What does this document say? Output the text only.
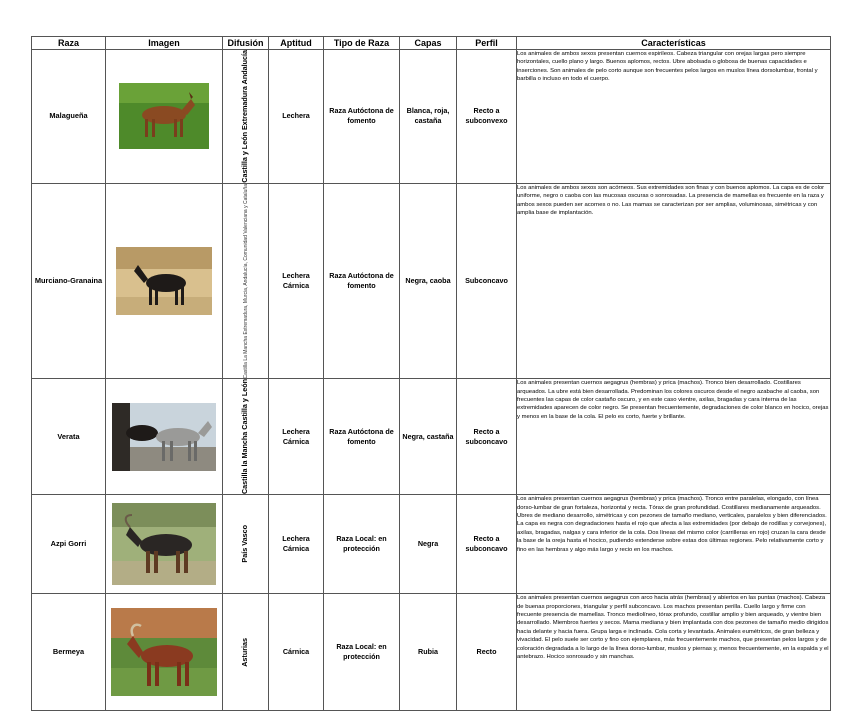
Raza	Imagen	Difusión	Aptitud	Tipo de Raza	Capas	Perfil	Características
Malagueña		Castilla y León Extremadura Andalucía	Lechera	Raza Autóctona de fomento	Blanca, roja, castaña	Recto a subconvexo	Los animales de ambos sexos presentan cuernos espirileos. Cabeza triangular con orejas largas pero siempre horizontales, cuello plano y largo. Buenos aplomos, rectos. Ubre abolsada o globosa de buenas capacidades e inserciones. Son animales de pelo corto aunque son frecuentes pelos largos en muslos línea dorsolumbar, frontal y barbilla o incluso en todo el cuerpo.
Murciano-Granaina		Castilla La Mancha Extremadura, Murcia, Andalucía, Comunidad Valenciana y Cataluña	Lechera Cárnica	Raza Autóctona de fomento	Negra, caoba	Subconcavo	Los animales de ambos sexos son acórneos. Sus extremidades son finas y con buenos aplomos. La capa es de color uniforme, negro o caoba con las mucosas oscuras o sonrosadas. La presencia de mamellas es frecuente en la raza y ambos sexos pueden ser acornes o no. Las mamas se caracterizan por ser amplias, voluminosas, simétricas y con amplia base de implantación.
Verata		Castilla la Mancha Castilla y León	Lechera Cárnica	Raza Autóctona de fomento	Negra, castaña	Recto a subconcavo	Los animales presentan cuernos aegagrus (hembras) y prica (machos). Tronco bien desarrollado. Costillares arqueados. La ubre está bien desarrollada. Predominan los colores oscuros desde el negro azabache al caoba, son frecuentes las capas de color castaño oscuro, y en este caso vientre, axilas, bragadas y cara interna de las extremidades aparecen de color negro. Se presentan frecuentemente, degradaciones de color blanco en hocico, orejas y menos en la base de la cola. El pelo es corto, fuerte y brillante.
Azpi Gorri		País Vasco	Lechera Cárnica	Raza Local: en protección	Negra	Recto a subconcavo	Los animales presentan cuernos aegagrus (hembras) y prica (machos). Tronco entre paralelas, elongado, con línea dorso-lumbar de gran fortaleza, horizontal y recta. Tórax de gran profundidad. Costillares medianamente arqueados. Ubres de mediano desarrollo, simétricas y con pezones de tamaño mediano, verticales, paralelos y bien diferenciados. La capa es negra con degradaciones hasta el rojo que afecta a las extremidades (por debajo de rodillas y corvejones), axilas, bragadas, nalgas y cara inferior de la cola. Dos líneas del mismo color (carrilleras en rojo) cruzan la cara desde la base de la oreja hasta el hocico, pudiendo extenderse sobre estas dos últimas regiones. Pelo relativamente corto y fino en las hembras y algo más largo y recio en los machos.
Bermeya		Asturias	Cárnica	Raza Local: en protección	Rubia	Recto	Los animales presentan cuernos aegagrus con arco hacia atrás (hembras) y abiertos en las puntas (machos). Cabeza de buenas proporciones, triangular y perfil subconcavo. Los machos presentan perilla. Cuello largo y firme con frecuente presencia de mamellas. Tronco mediolíneo, tórax profundo, costillar amplio y bien arqueado, y vientre bien desarrollado. Miembros fuertes y secos. Mama mediana y bien implantada con dos pezones de tamaño medio dirigidos hacia delante y hacia fuera. Grupa larga e inclinada. Cola corta y levantada. Animales eumétricos, de gran belleza y vivacidad. El pelo suele ser corto y fino con ejemplares, más frecuentemente machos, que presentan pelos largos y de coloración degradada a lo largo de la línea dorso-lumbar, muslos y piernas y, menos frecuentemente, en la espalda y el antebrazo. Hocico sonrosado y sin manchas.
